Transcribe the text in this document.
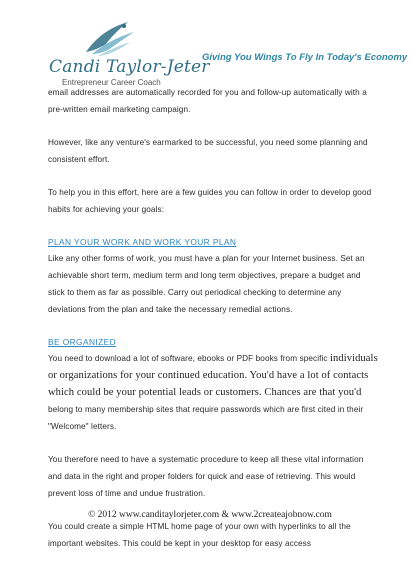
Candi Taylor-Jeter
Entrepreneur Career Coach
Giving You Wings To Fly In Today's Economy

email addresses are automatically recorded for you and follow-up automatically with a pre-written email marketing campaign.

However, like any venture's earmarked to be successful, you need some planning and consistent effort.

To help you in this effort, here are a few guides you can follow in order to develop good habits for achieving your goals:

PLAN YOUR WORK AND WORK YOUR PLAN

Like any other forms of work, you must have a plan for your Internet business. Set an achievable short term, medium term and long term objectives, prepare a budget and stick to them as far as possible. Carry out periodical checking to determine any deviations from the plan and take the necessary remedial actions.

BE ORGANIZED

You need to download a lot of software, ebooks or PDF books from specific individuals or organizations for your continued education. You'd have a lot of contacts which could be your potential leads or customers. Chances are that you'd belong to many membership sites that require passwords which are first cited in their "Welcome" letters.

You therefore need to have a systematic procedure to keep all these vital information and data in the right and proper folders for quick and ease of retrieving. This would prevent loss of time and undue frustration.

You could create a simple HTML home page of your own with hyperlinks to all the important websites. This could be kept in your desktop for easy access

© 2012 www.canditaylorjeter.com & www.2createajobnow.com
